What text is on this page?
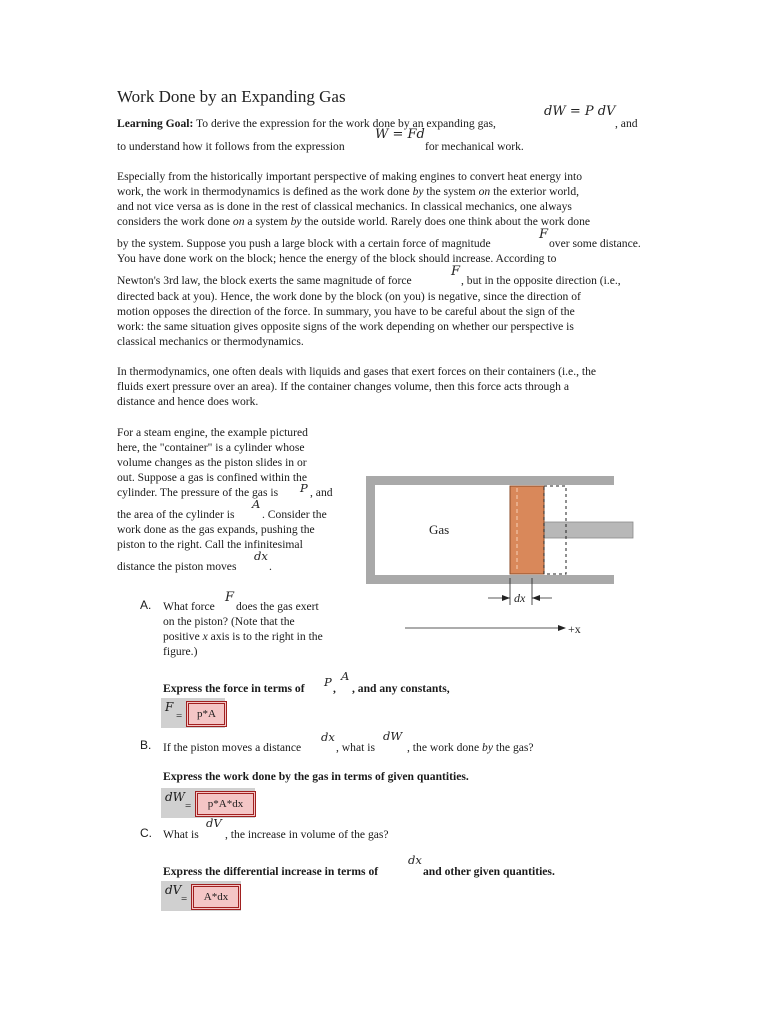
Work Done by an Expanding Gas
Learning Goal: To derive the expression for the work done by an expanding gas,
dW = P dV
, and
to understand how it follows from the expression
W = Fd
for mechanical work.
Especially from the historically important perspective of making engines to convert heat energy into
work, the work in thermodynamics is defined as the work done by the system on the exterior world,
and not vice versa as is done in the rest of classical mechanics. In classical mechanics, one always
considers the work done on a system by the outside world. Rarely does one think about the work done
by the system. Suppose you push a large block with a certain force of magnitude
F
over some distance.
You have done work on the block; hence the energy of the block should increase. According to
Newton's 3rd law, the block exerts the same magnitude of force
F
, but in the opposite direction (i.e.,
directed back at you). Hence, the work done by the block (on you) is negative, since the direction of
motion opposes the direction of the force. In summary, you have to be careful about the sign of the
work: the same situation gives opposite signs of the work depending on whether our perspective is
classical mechanics or thermodynamics.
In thermodynamics, one often deals with liquids and gases that exert forces on their containers (i.e., the
fluids exert pressure over an area). If the container changes volume, then this force acts through a
distance and hence does work.
For a steam engine, the example pictured
here, the "container" is a cylinder whose
volume changes as the piston slides in or
out. Suppose a gas is confined within the
cylinder. The pressure of the gas is P , and
the area of the cylinder is
A
. Consider the
work done as the gas expands, pushing the
piston to the right. Call the infinitesimal
distance the piston moves
dx
.
Gas
dx
+x
A. What force
F
does the gas exert
on the piston? (Note that the
positive x axis is to the right in the
figure.)
Express the force in terms of P ,
A
, and any constants,
F
=	p*A
B. If the piston moves a distance
dx
, what is
dW
, the work done by the gas?
Express the work done by the gas in terms of given quantities.
dW
=	p*A*dx
C. What is
dV
, the increase in volume of the gas?
Express the differential increase in terms of
dx
and other given quantities.
dV
=	A*dx
